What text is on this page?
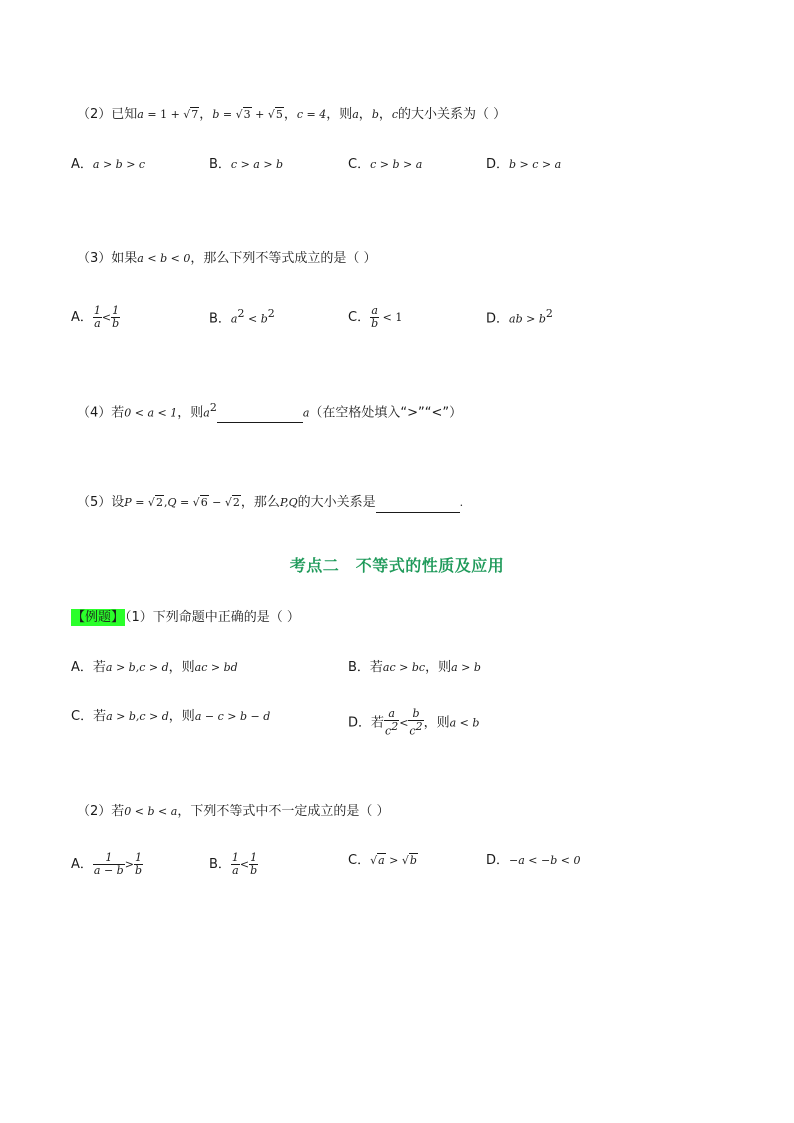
（2）已知a = 1 + √7，b = √3 + √5，c = 4，则a，b，c的大小关系为（ ）
A．a > b > c	B．c > a > b	C．c > b > a	D．b > c > a
（3）如果a < b < 0，那么下列不等式成立的是（ ）
A． $\frac{1}{a} < \frac{1}{b}$	B．$a^2 < b^2$	C． $\frac{a}{b} < 1$	D．ab > $b^2$
（4）若0 < a < 1，则$a^2$	a（在空格处填入“>”“<”）
（5）设P = √2,Q = √6 − √2，那么P,Q的大小关系是	.
考点二　不等式的性质及应用
【例题】（1）下列命题中正确的是（ ）
A．若a > b,c > d，则ac > bd	B．若ac > bc，则a > b
C．若a > b,c > d，则a − c > b − d	D．若 $\frac{a}{c^2} < \frac{b}{c^2}$ ，则a < b
（2）若0 < b < a，下列不等式中不一定成立的是（ ）
A． $\frac{1}{a - b} > \frac{1}{b}$	B． $\frac{1}{a} < \frac{1}{b}$	C．√a > √b	D．−a < −b < 0
